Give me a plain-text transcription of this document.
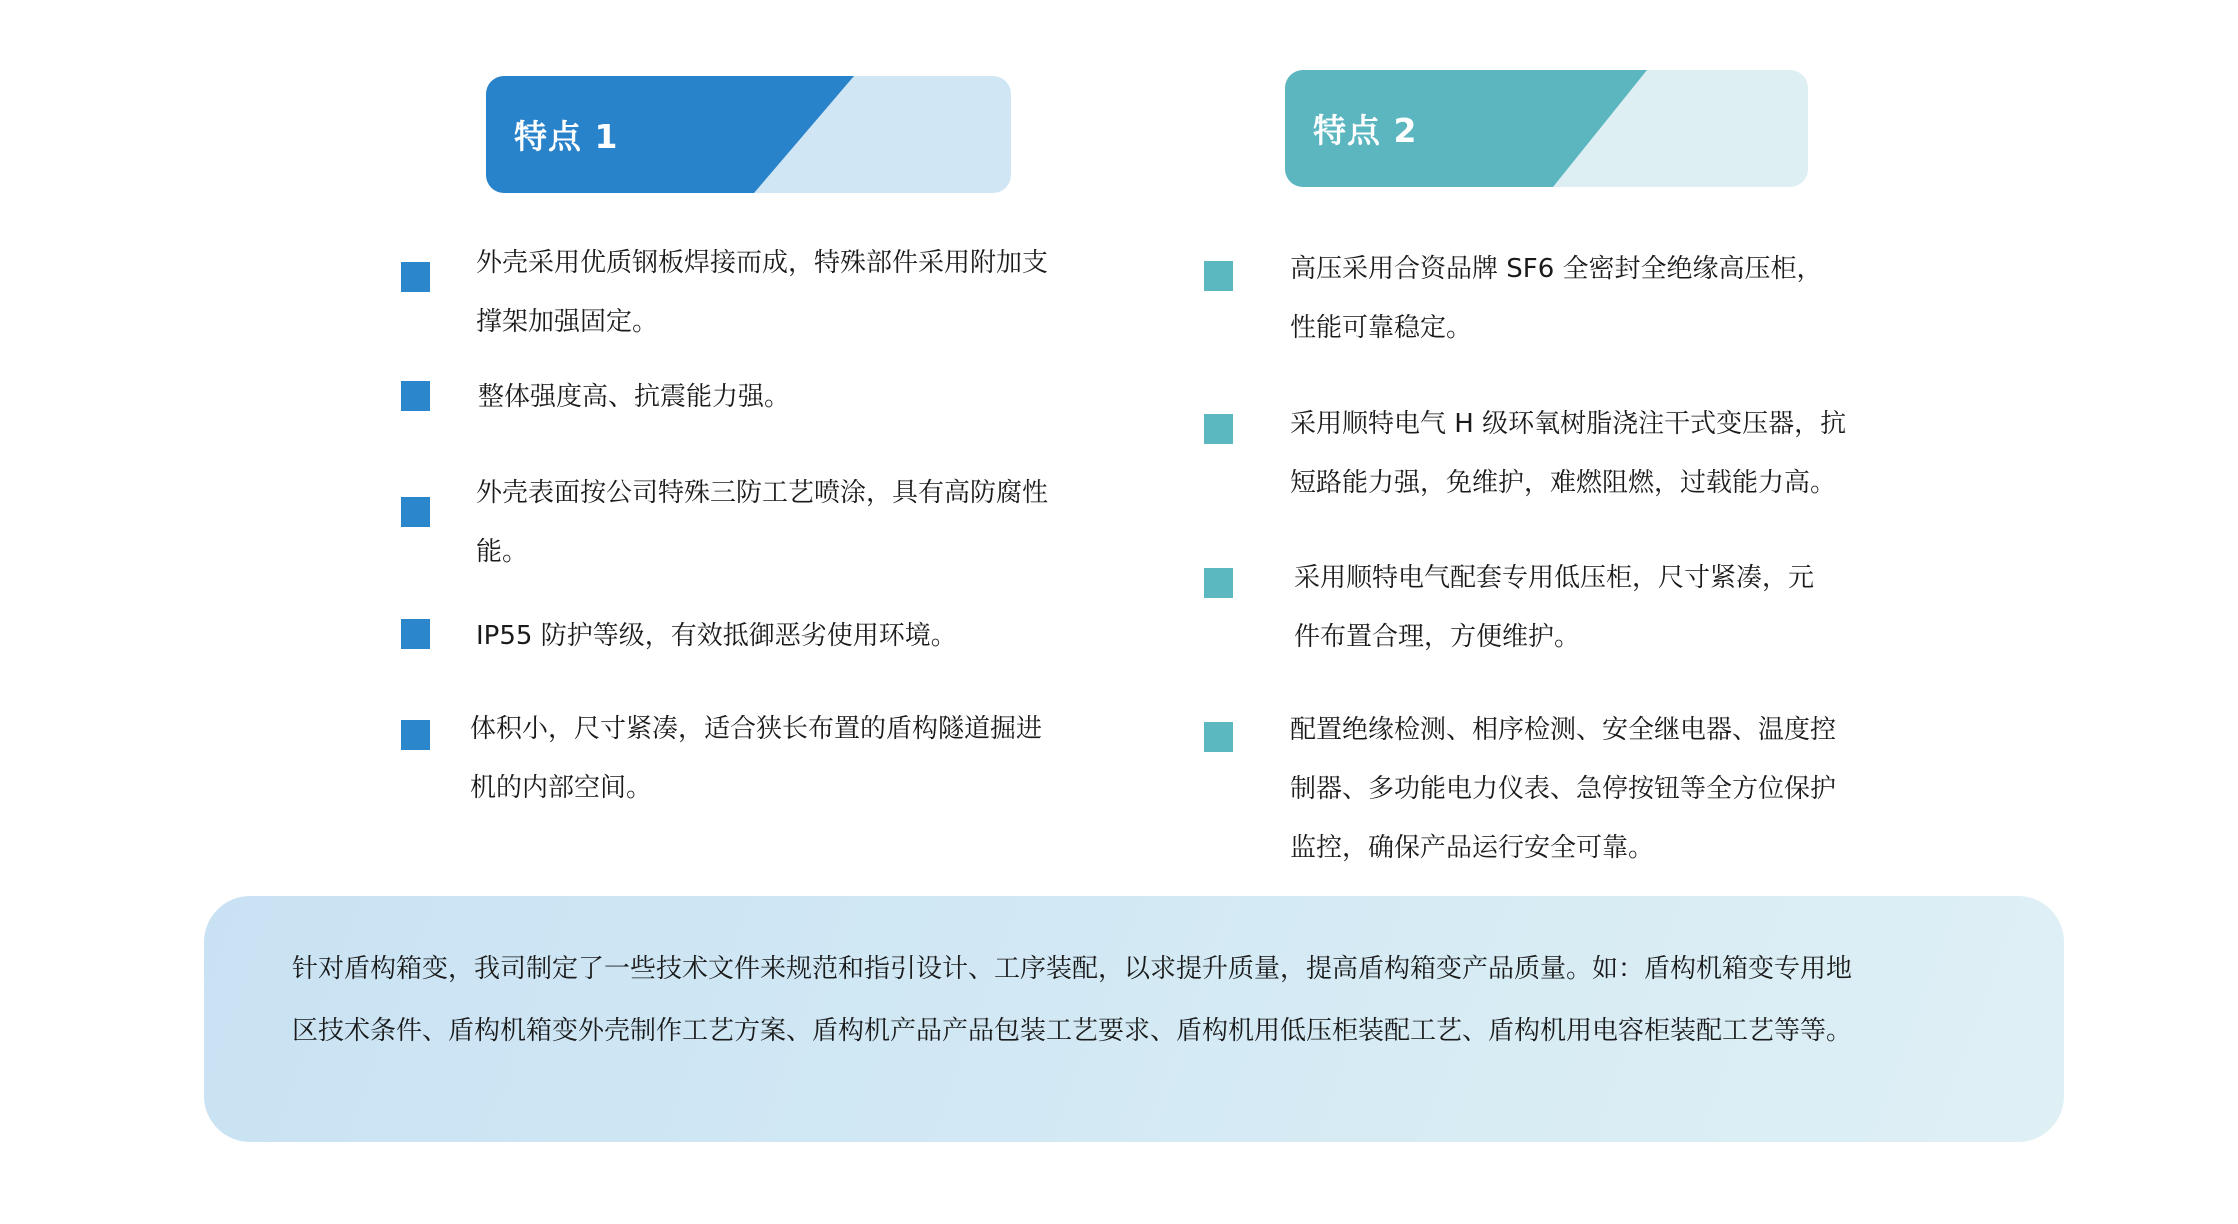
特点 1	特点 2
外壳采用优质钢板焊接而成，特殊部件采用附加支
撑架加强固定。
整体强度高、抗震能力强。
外壳表面按公司特殊三防工艺喷涂，具有高防腐性
能。
IP55 防护等级，有效抵御恶劣使用环境。
体积小，尺寸紧凑，适合狭长布置的盾构隧道掘进
机的内部空间。
高压采用合资品牌 SF6 全密封全绝缘高压柜，
性能可靠稳定。
采用顺特电气 H 级环氧树脂浇注干式变压器，抗
短路能力强，免维护，难燃阻燃，过载能力高。
采用顺特电气配套专用低压柜，尺寸紧凑，元
件布置合理，方便维护。
配置绝缘检测、相序检测、安全继电器、温度控
制器、多功能电力仪表、急停按钮等全方位保护
监控，确保产品运行安全可靠。
针对盾构箱变，我司制定了一些技术文件来规范和指引设计、工序装配，以求提升质量，提高盾构箱变产品质量。如：盾构机箱变专用地
区技术条件、盾构机箱变外壳制作工艺方案、盾构机产品产品包装工艺要求、盾构机用低压柜装配工艺、盾构机用电容柜装配工艺等等。
